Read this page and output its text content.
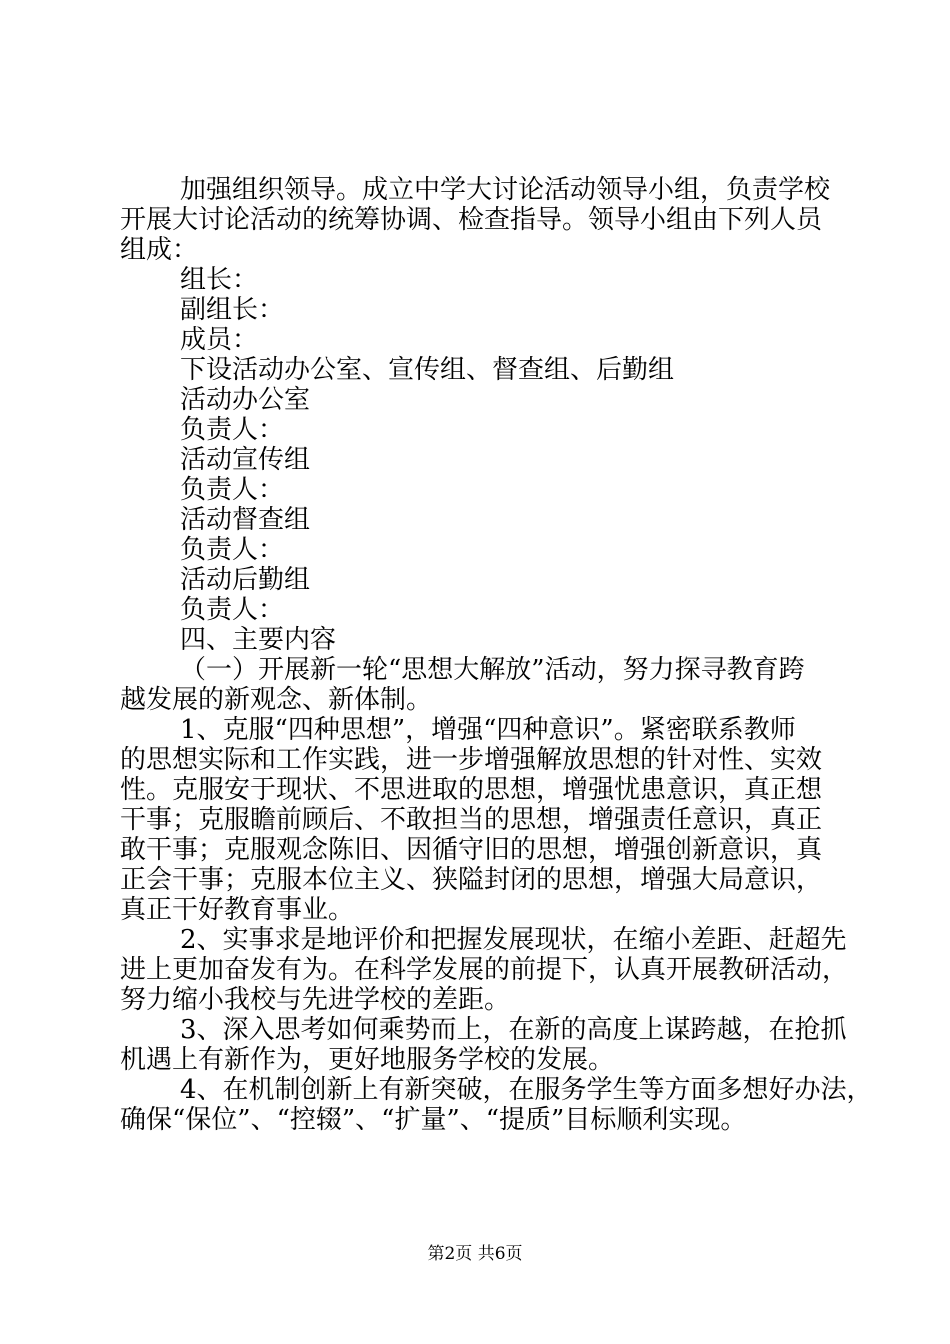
加强组织领导。成立中学大讨论活动领导小组，负责学校
开展大讨论活动的统筹协调、检查指导。领导小组由下列人员
组成：
组长：
副组长：
成员：
下设活动办公室、宣传组、督查组、后勤组
活动办公室
负责人：
活动宣传组
负责人：
活动督查组
负责人：
活动后勤组
负责人：
四、主要内容
（一）开展新一轮“思想大解放”活动，努力探寻教育跨
越发展的新观念、新体制。
1、克服“四种思想”，增强“四种意识”。紧密联系教师
的思想实际和工作实践，进一步增强解放思想的针对性、实效
性。克服安于现状、不思进取的思想，增强忧患意识，真正想
干事；克服瞻前顾后、不敢担当的思想，增强责任意识，真正
敢干事；克服观念陈旧、因循守旧的思想，增强创新意识，真
正会干事；克服本位主义、狭隘封闭的思想，增强大局意识，
真正干好教育事业。
2、实事求是地评价和把握发展现状，在缩小差距、赶超先
进上更加奋发有为。在科学发展的前提下，认真开展教研活动，
努力缩小我校与先进学校的差距。
3、深入思考如何乘势而上，在新的高度上谋跨越，在抢抓
机遇上有新作为，更好地服务学校的发展。
4、在机制创新上有新突破，在服务学生等方面多想好办法，
确保“保位”、“控辍”、“扩量”、“提质”目标顺利实现。
第2页 共6页
